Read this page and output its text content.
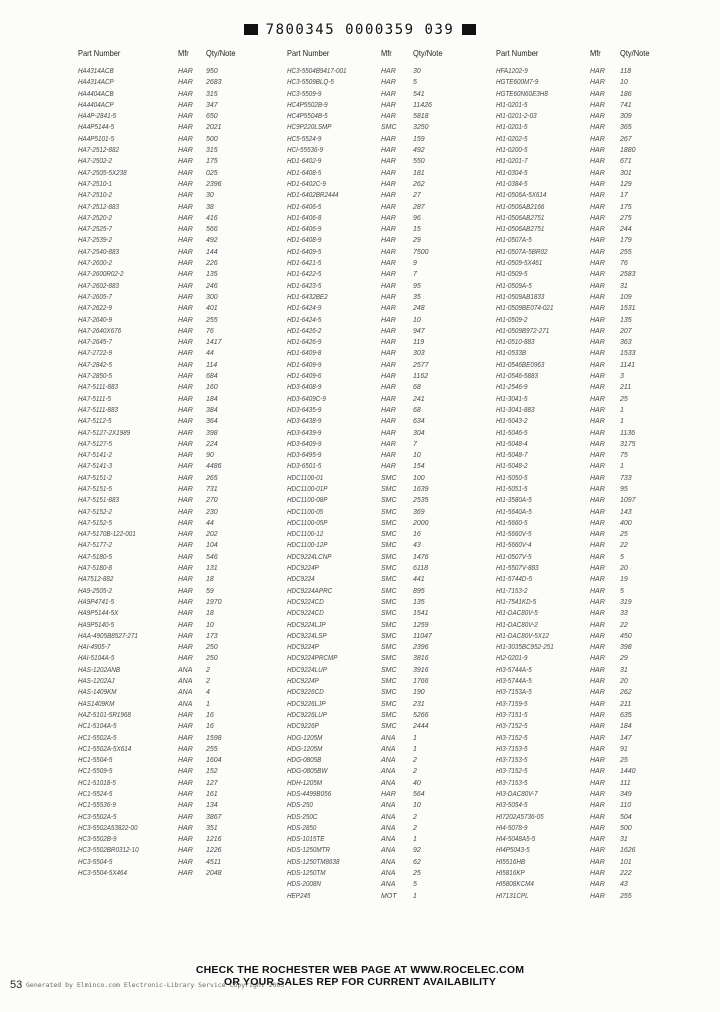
7800345 0000359 039
Part Number	Mfr Qty/Note
HA4314ACB	HAR 950
HA4314ACP	HAR 2683
HA4404ACB	HAR 315
HA4404ACP	HAR 347
HA4P-2841-5	HAR 650
HA4P5144-5	HAR 2021
HA4P5101-5	HAR 500
HA7-2512-882	HAR 315
HA7-2502-2	HAR 175
HA7-2505-5X238	HAR 025
HA7-2510-1	HAR 2396
HA7-2510-2	HAR 30
HA7-2512-883	HAR 38
HA7-2520-2	HAR 416
HA7-2525-7	HAR 566
HA7-2539-2	HAR 492
HA7-2540-883	HAR 144
HA7-2600-2	HAR 226
HA7-2600R02-2	HAR 135
HA7-2602-883	HAR 246
HA7-2605-7	HAR 300
HA7-2622-9	HAR 401
HA7-2640-9	HAR 255
HA7-2640X676	HAR 76
HA7-2645-7	HAR 1417
HA7-2722-9	HAR 44
HA7-2842-5	HAR 114
HA7-2850-5	HAR 684
HA7-5111-883	HAR 160
HA7-5111-5	HAR 184
HA7-5111-883	HAR 384
HA7-5112-5	HAR 364
HA7-5127-2X1989	HAR 398
HA7-5127-5	HAR 224
HA7-5141-2	HAR 90
HA7-5141-3	HAR 4486
HA7-5151-2	HAR 265
HA7-5151-5	HAR 731
HA7-5151-883	HAR 270
HA7-5152-2	HAR 230
HA7-5152-5	HAR 44
HA7-5170B-122-001	HAR 202
HA7-5177-2	HAR 104
HA7-5180-5	HAR 546
HA7-5180-8	HAR 131
HA7512-882	HAR 18
HA9-2505-2	HAR 59
HA9P4741-5	HAR 1970
HA9P5144-5X	HAR 18
HA9P5140-5	HAR 10
HAA-4905B8527-271	HAR 173
HAI-4905-7	HAR 250
HAI-5104A-5	HAR 250
HAS-1202ANB	ANA 2
HAS-1202AJ	ANA 2
HAS-1409KM	ANA 4
HAS1409KM	ANA 1
HAZ-5101-5R1968	HAR 16
HC1-5104A-5	HAR 16
HC1-5502A-5	HAR 1598
HC1-5502A-5X614	HAR 255
HC1-5504-5	HAR 1604
HC1-5509-5	HAR 152
HC1-51018-5	HAR 127
HC1-5524-5	HAR 161
HC1-55536-9	HAR 134
HC3-5502A-5	HAR 3867
HC3-5502A53822-00	HAR 351
HC3-5502B-9	HAR 1216
HC3-5502BR0312-10	HAR 1226
HC3-5504-5	HAR 4511
HC3-5504-5X464	HAR 2048
Part Number	Mfr Qty/Note
HC3-5504B9417-001	HAR 30
HC3-5509BLQ-5	HAR 5
HC3-5509-9	HAR 541
HC4P5502B-9	HAR 11426
HC4P5504B-5	HAR 5818
HC9P220LSMP	SMC 3250
HC5-5524-9	HAR 159
HCI-55536-9	HAR 492
HD1-6402-9	HAR 550
HD1-6408-5	HAR 181
HD1-6402C-9	HAR 262
HD1-6402BR2444	HAR 27
HD1-6406-5	HAR 287
HD1-6406-8	HAR 96
HD1-6406-9	HAR 15
HD1-6408-9	HAR 29
HD1-6409-5	HAR 7500
HD1-6421-5	HAR 9
HD1-6422-5	HAR 7
HD1-6423-5	HAR 95
HD1-6432BE2	HAR 35
HD1-6424-9	HAR 248
HD1-6424-5	HAR 10
HD1-6426-2	HAR 947
HD1-6426-9	HAR 119
HD1-6409-8	HAR 303
HD1-6409-9	HAR 2577
HD1-6409-6	HAR 1162
HD3-6408-9	HAR 68
HD3-6409C-9	HAR 241
HD3-6435-9	HAR 68
HD3-6438-9	HAR 634
HD3-6439-9	HAR 304
HD3-6409-9	HAR 7
HD3-6495-9	HAR 10
HD3-6501-5	HAR 154
HDC1100-01	SMC 100
HDC1100-01P	SMC 1639
HDC1100-08P	SMC 2535
HDC1100-05	SMC 369
HDC1100-05P	SMC 2000
HDC1100-12	SMC 16
HDC1100-12P	SMC 43
HDC9224LCNP	SMC 1476
HDC9224P	SMC 6118
HDC9224	SMC 441
HDC9224APRC	SMC 895
HDC9224CD	SMC 135
HDC9224CD	SMC 1541
HDC9224LJP	SMC 1259
HDC9224LSP	SMC 11047
HDC9224P	SMC 2396
HDC9224PRCMP	SMC 3816
HDC9224LUP	SMC 3916
HDC9224P	SMC 1766
HDC9226CD	SMC 190
HDC9226LJP	SMC 231
HDC9226LUP	SMC 5266
HDC9226P	SMC 2444
HDG-1205M	ANA	1
HDG-1205M	ANA	1
HDG-0805B	ANA	2
HDG-0805BW	ANA	2
HDH-1205M	ANA	40
HDS-4499B056	HAR 564
HDS-250	ANA	10
HDS-250C	ANA	2
HDS-2850	ANA	2
HDS-1015TE	ANA	1
HDS-1250MTR	ANA	92
HDS-1250TM8638	ANA	62
HDS-1250TM	ANA	25
HDS-2008N	ANA	5
HEP245	MOT 1
Part Number	Mfr Qty/Note
HFA1202-9	HAR 118
HGTE600M7-9	HAR 10
HGTE60N60E3H8	HAR 186
HI1-0201-5	HAR 741
HI1-0201-2-03	HAR 309
HI1-0201-5	HAR 365
HI1-0202-5	HAR 267
HI1-0200-5	HAR 1880
HI1-0201-7	HAR 671
HI1-0304-5	HAR 301
HI1-0384-5	HAR 129
HI1-0506A-5X614	HAR 17
HI1-0506AB2166	HAR 175
HI1-0506AB2751	HAR 275
HI1-0506AB2751	HAR 244
HI1-0507A-5	HAR 179
HI1-0507A-5BR02	HAR 255
HI1-0509-5X461	HAR 76
HI1-0509-5	HAR 2583
HI1-0509A-5	HAR 31
HI1-0509AB1833	HAR 109
HI1-0509BE074-021	HAR 1531
HI1-0509-2	HAR 135
HI1-0509B972-271	HAR 207
HI1-0510-883	HAR 363
HI1-0533B	HAR 1533
HI1-0546BE0963	HAR 1141
HI1-0546-5883	HAR 3
HI1-2546-9	HAR 211
HI1-3041-5	HAR 25
HI1-3041-883	HAR 1
HI1-5043-2	HAR 1
HI1-5046-5	HAR 1136
HI1-5048-4	HAR 3175
HI1-5048-7	HAR 75
HI1-5048-2	HAR 1
HI1-5050-5	HAR 733
HI1-5051-5	HAR 95
HI1-3580A-5	HAR 1097
HI1-5640A-5	HAR 143
HI1-5660-5	HAR 400
HI1-5660V-5	HAR 25
HI1-5660V-4	HAR 22
HI1-0507V-5	HAR 5
HI1-5507V-883	HAR 20
HI1-5744D-5	HAR 19
HI1-7153-2	HAR 5
HI1-7541KD-5	HAR 319
HI1-DAC80V-5	HAR 33
HI1-DAC80V-2	HAR 22
HI1-DAC80V-5X12	HAR 450
HI1-3035BC952-251	HAR 398
HI2-0201-9	HAR 29
HI3-5744A-5	HAR 31
HI3-5744A-5	HAR 20
HI3-7153A-5	HAR 262
HI3-7159-5	HAR 211
HI3-7151-5	HAR 635
HI3-7152-5	HAR 184
HI3-7152-5	HAR 147
HI3-7153-5	HAR 91
HI3-7153-5	HAR 25
HI3-7152-5	HAR 1440
HI3-7153-5	HAR 111
HI3-DAC80V-7	HAR 349
HI3-5054-5	HAR 110
HI7202A5736-05	HAR 504
HI4-5078-9	HAR 500
HI4-5048A5-5	HAR 31
HI4P5043-5	HAR 1626
HI5516HB	HAR 101
HI5816KP	HAR 222
HI5808KCM4	HAR 43
HI7131CPL	HAR 255
CHECK THE ROCHESTER WEB PAGE AT WWW.ROCELEC.COM
OR YOUR SALES REP FOR CURRENT AVAILABILITY
53 Generated by Elminco.com Electronic-Library Service Copyright 2003
